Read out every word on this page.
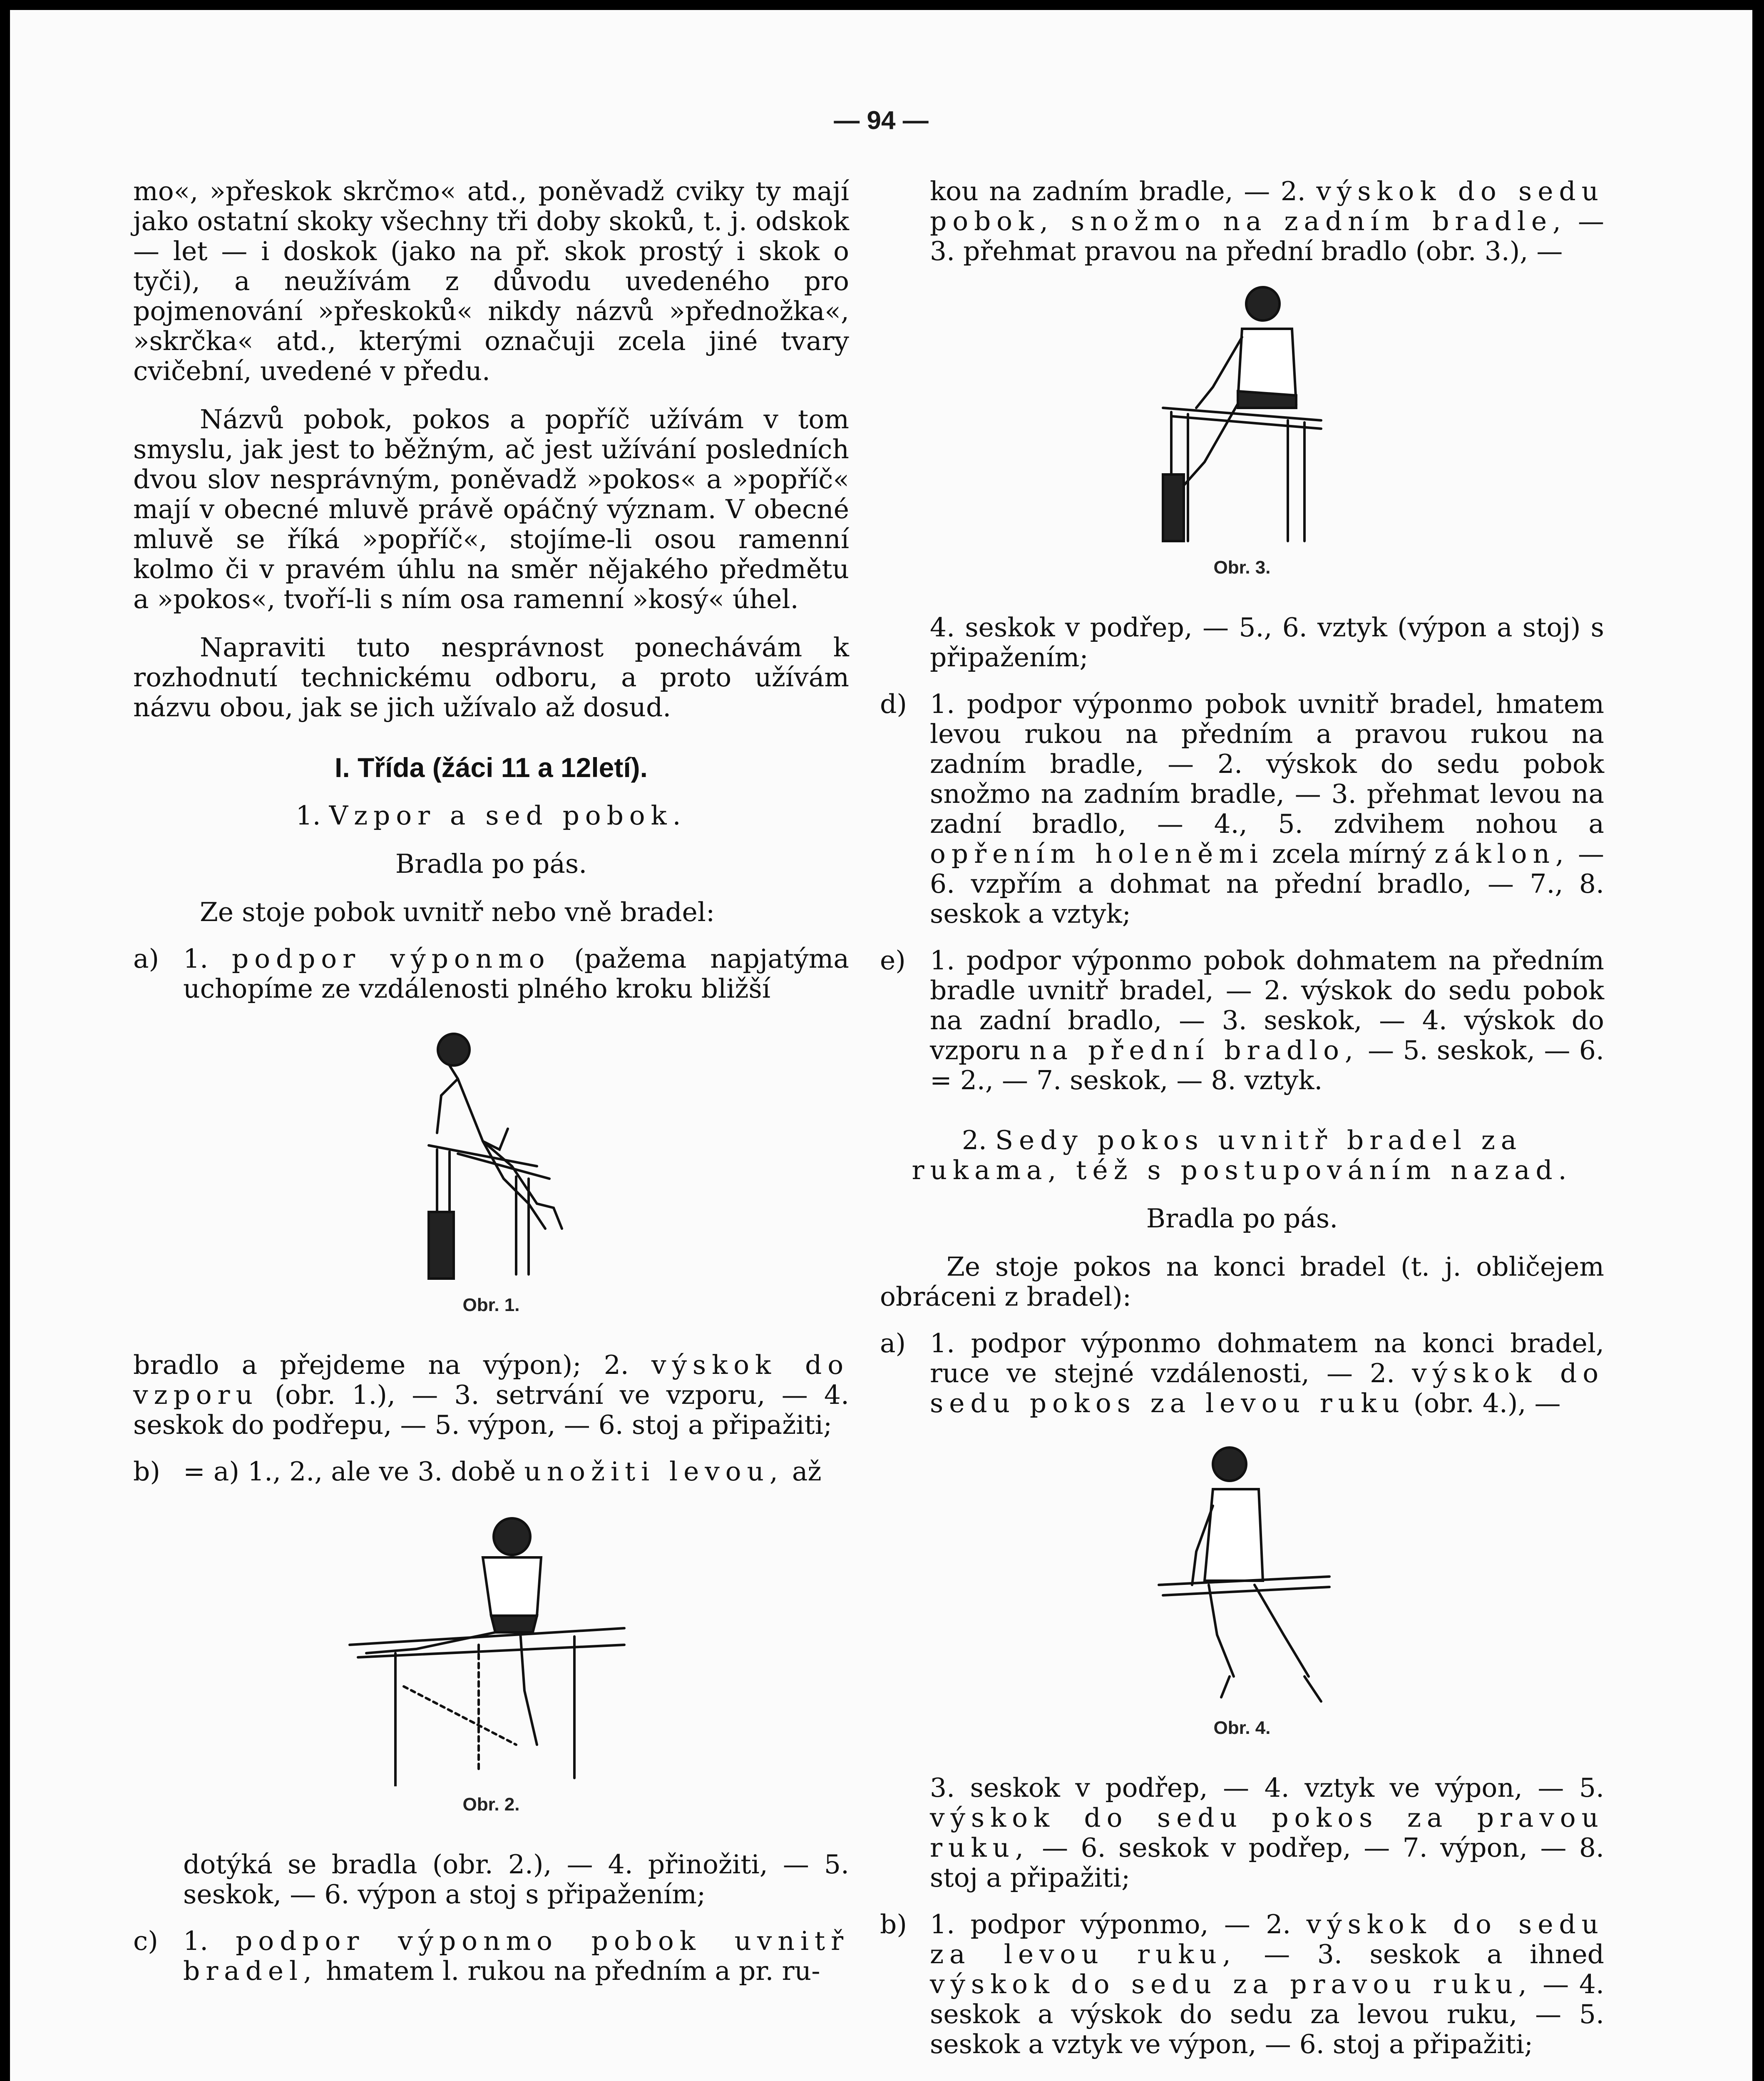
— 94 —

mo«, »přeskok skrčmo« atd., poněvadž cviky ty mají jako ostatní skoky všechny tři doby skoků, t. j. odskok — let — i doskok (jako na př. skok prostý i skok o tyči), a neužívám z důvodu uvedeného pro pojmenování »přeskoků« nikdy názvů »přednožka«, »skrčka« atd., kterými označuji zcela jiné tvary cvičební, uvedené v předu.

Názvů pobok, pokos a popříč užívám v tom smyslu, jak jest to běžným, ač jest užívání posledních dvou slov nesprávným, poněvadž »pokos« a »popříč« mají v obecné mluvě právě opáčný význam. V obecné mluvě se říká »popříč«, stojíme-li osou ramenní kolmo či v pravém úhlu na směr nějakého předmětu a »pokos«, tvoří-li s ním osa ramenní »kosý« úhel.

Napraviti tuto nesprávnost ponechávám k rozhodnutí technickému odboru, a proto užívám názvu obou, jak se jich užívalo až dosud.

I. Třída (žáci 11 a 12letí).

1. Vzpor a sed pobok.

Bradla po pás.

Ze stoje pobok uvnitř nebo vně bradel:

a) 1. podpor výponmo (pažema napjatýma uchopíme ze vzdálenosti plného kroku bližší

Obr. 1.

bradlo a přejdeme na výpon); 2. výskok do vzporu (obr. 1.), — 3. setrvání ve vzporu, — 4. seskok do podřepu, — 5. výpon, — 6. stoj a připažiti;

b) = a) 1., 2., ale ve 3. době unožiti levou, až

Obr. 2.

dotýká se bradla (obr. 2.), — 4. přinožiti, — 5. seskok, — 6. výpon a stoj s připažením;

c) 1. podpor výponmo pobok uvnitř bradel, hmatem l. rukou na předním a pr. ru-

kou na zadním bradle, — 2. výskok do sedu pobok, snožmo na zadním bradle, — 3. přehmat pravou na přední bradlo (obr. 3.), —

Obr. 3.

4. seskok v podřep, — 5., 6. vztyk (výpon a stoj) s připažením;

d) 1. podpor výponmo pobok uvnitř bradel, hmatem levou rukou na předním a pravou rukou na zadním bradle, — 2. výskok do sedu pobok snožmo na zadním bradle, — 3. přehmat levou na zadní bradlo, — 4., 5. zdvihem nohou a opřením holeněmi zcela mírný záklon, — 6. vzpřím a dohmat na přední bradlo, — 7., 8. seskok a vztyk;

e) 1. podpor výponmo pobok dohmatem na předním bradle uvnitř bradel, — 2. výskok do sedu pobok na zadní bradlo, — 3. seskok, — 4. výskok do vzporu na přední bradlo, — 5. seskok, — 6. = 2., — 7. seskok, — 8. vztyk.

2. Sedy pokos uvnitř bradel za rukama, též s postupováním nazad.

Bradla po pás.

Ze stoje pokos na konci bradel (t. j. obličejem obráceni z bradel):

a) 1. podpor výponmo dohmatem na konci bradel, ruce ve stejné vzdálenosti, — 2. výskok do sedu pokos za levou ruku (obr. 4.), —

Obr. 4.

3. seskok v podřep, — 4. vztyk ve výpon, — 5. výskok do sedu pokos za pravou ruku, — 6. seskok v podřep, — 7. výpon, — 8. stoj a připažiti;

b) 1. podpor výponmo, — 2. výskok do sedu za levou ruku, — 3. seskok a ihned výskok do sedu za pravou ruku, — 4. seskok a výskok do sedu za levou ruku, — 5. seskok a vztyk ve výpon, — 6. stoj a připažiti;
